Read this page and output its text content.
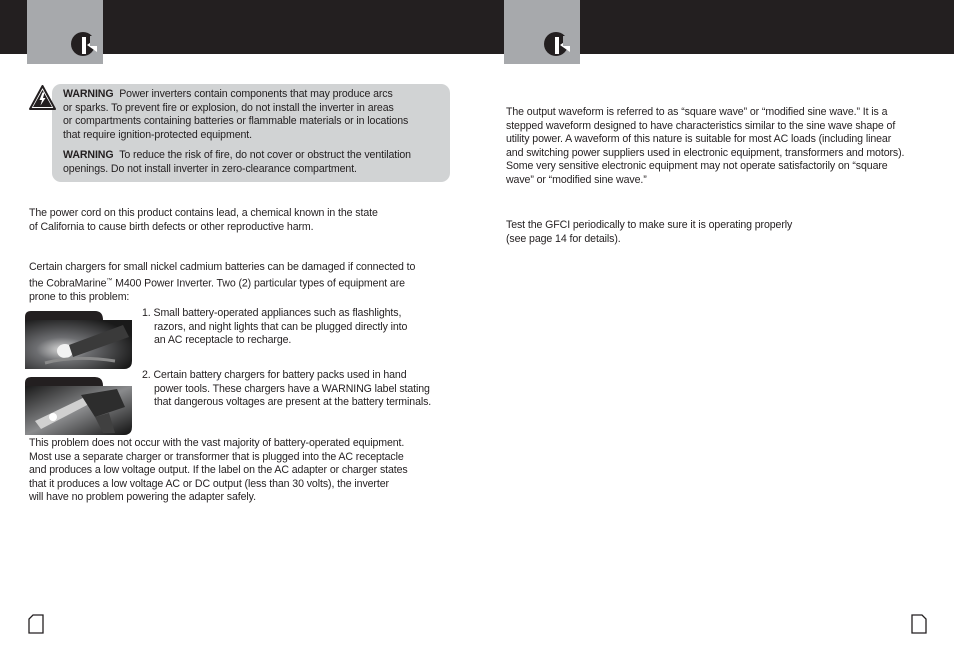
WARNING Power inverters contain components that may produce arcs
or sparks. To prevent fire or explosion, do not install the inverter in areas
or compartments containing batteries or flammable materials or in locations
that require ignition-protected equipment.

WARNING To reduce the risk of fire, do not cover or obstruct the ventilation
openings. Do not install inverter in zero-clearance compartment.

The power cord on this product contains lead, a chemical known in the state

of California to cause birth defects or other reproductive harm.

Certain chargers for small nickel cadmium batteries can be damaged if connected to

the CobraMarine™ M400 Power Inverter. Two (2) particular types of equipment are

prone to this problem:

1. Small battery-operated appliances such as flashlights,

razors, and night lights that can be plugged directly into

an AC receptacle to recharge.

2. Certain battery chargers for battery packs used in hand

power tools. These chargers have a WARNING label stating

that dangerous voltages are present at the battery terminals.

This problem does not occur with the vast majority of battery-operated equipment.

Most use a separate charger or transformer that is plugged into the AC receptacle

and produces a low voltage output. If the label on the AC adapter or charger states

that it produces a low voltage AC or DC output (less than 30 volts), the inverter

will have no problem powering the adapter safely.

The output waveform is referred to as “square wave” or “modified sine wave.” It is a

stepped waveform designed to have characteristics similar to the sine wave shape of

utility power. A waveform of this nature is suitable for most AC loads (including linear

and switching power suppliers used in electronic equipment, transformers and motors).

Some very sensitive electronic equipment may not operate satisfactorily on “square

wave” or “modified sine wave.”

Test the GFCI periodically to make sure it is operating properly

(see page 14 for details).
